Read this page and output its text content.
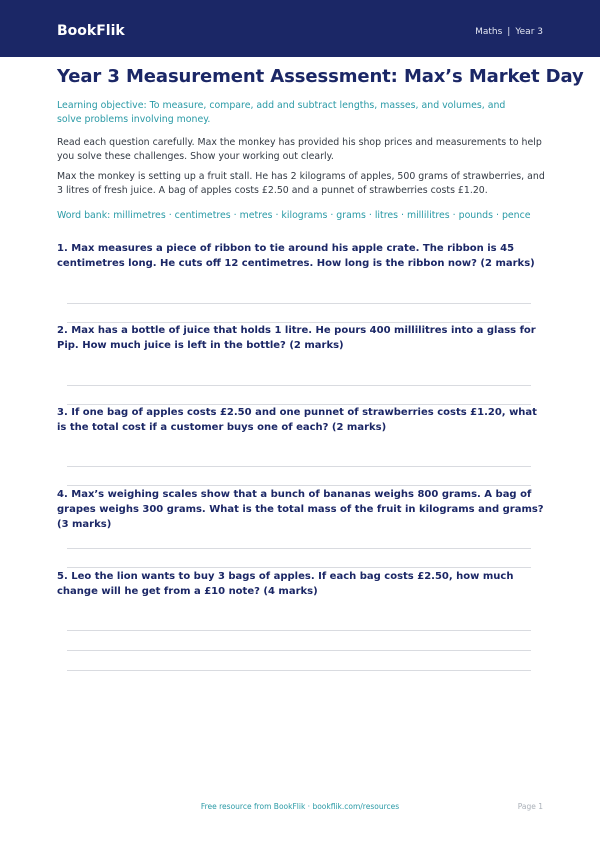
BookFlik	Maths | Year 3
Year 3 Measurement Assessment: Max’s Market Day

Learning objective: To measure, compare, add and subtract lengths, masses, and volumes, and solve problems involving money.

Read each question carefully. Max the monkey has provided his shop prices and measurements to help you solve these challenges. Show your working out clearly.

Max the monkey is setting up a fruit stall. He has 2 kilograms of apples, 500 grams of strawberries, and 3 litres of fresh juice. A bag of apples costs £2.50 and a punnet of strawberries costs £1.20.

Word bank: millimetres · centimetres · metres · kilograms · grams · litres · millilitres · pounds · pence

1. Max measures a piece of ribbon to tie around his apple crate. The ribbon is 45 centimetres long. He cuts off 12 centimetres. How long is the ribbon now? (2 marks)
2. Max has a bottle of juice that holds 1 litre. He pours 400 millilitres into a glass for Pip. How much juice is left in the bottle? (2 marks)
3. If one bag of apples costs £2.50 and one punnet of strawberries costs £1.20, what is the total cost if a customer buys one of each? (2 marks)
4. Max’s weighing scales show that a bunch of bananas weighs 800 grams. A bag of grapes weighs 300 grams. What is the total mass of the fruit in kilograms and grams? (3 marks)
5. Leo the lion wants to buy 3 bags of apples. If each bag costs £2.50, how much change will he get from a £10 note? (4 marks)
Free resource from BookFlik · bookflik.com/resources	Page 1
